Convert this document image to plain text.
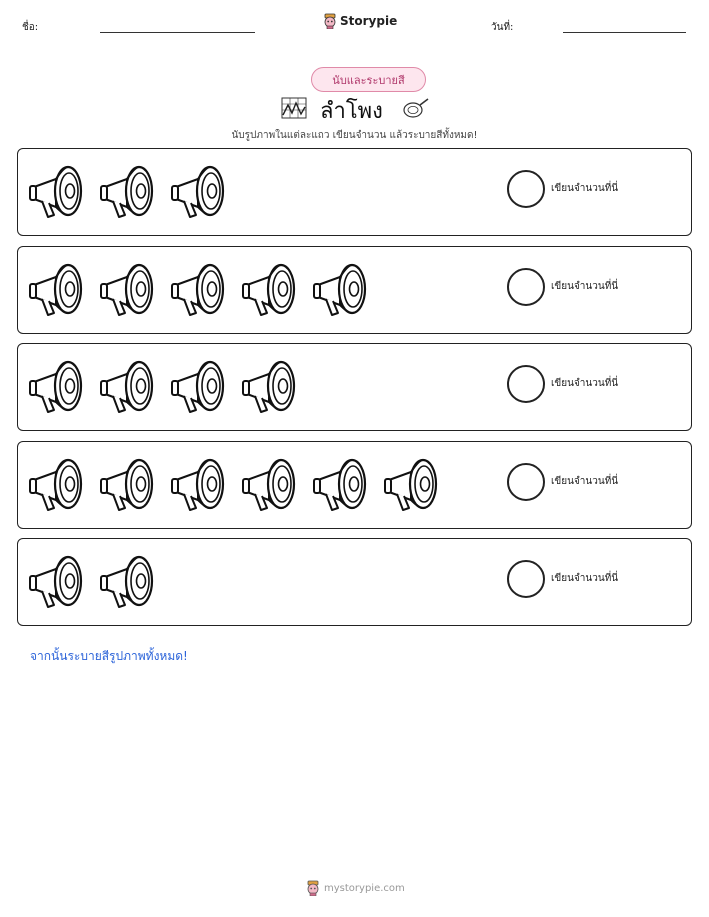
ชื่อ:	Storypie	วันที่:
นับและระบายสี
ลำโพง
นับรูปภาพในแต่ละแถว เขียนจำนวน แล้วระบายสีทั้งหมด!
เขียนจำนวนที่นี่
เขียนจำนวนที่นี่
เขียนจำนวนที่นี่
เขียนจำนวนที่นี่
เขียนจำนวนที่นี่
จากนั้นระบายสีรูปภาพทั้งหมด!
mystorypie.com
